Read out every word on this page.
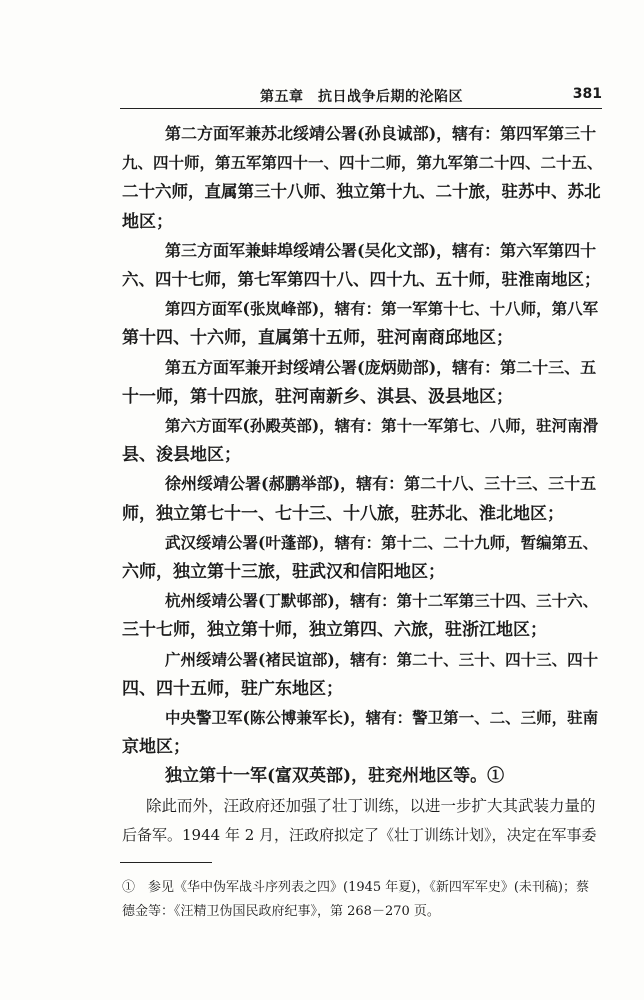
第五章　抗日战争后期的沦陷区	381
第二方面军兼苏北绥靖公署(孙良诚部)，辖有：第四军第三十
九、四十师，第五军第四十一、四十二师，第九军第二十四、二十五、
二十六师，直属第三十八师、独立第十九、二十旅，驻苏中、苏北
地区；
第三方面军兼蚌埠绥靖公署(吴化文部)，辖有：第六军第四十
六、四十七师，第七军第四十八、四十九、五十师，驻淮南地区；
第四方面军(张岚峰部)，辖有：第一军第十七、十八师，第八军
第十四、十六师，直属第十五师，驻河南商邱地区；
第五方面军兼开封绥靖公署(庞炳勋部)，辖有：第二十三、五
十一师，第十四旅，驻河南新乡、淇县、汲县地区；
第六方面军(孙殿英部)，辖有：第十一军第七、八师，驻河南滑
县、浚县地区；
徐州绥靖公署(郝鹏举部)，辖有：第二十八、三十三、三十五
师，独立第七十一、七十三、十八旅，驻苏北、淮北地区；
武汉绥靖公署(叶蓬部)，辖有：第十二、二十九师，暂编第五、
六师，独立第十三旅，驻武汉和信阳地区；
杭州绥靖公署(丁默邨部)，辖有：第十二军第三十四、三十六、
三十七师，独立第十师，独立第四、六旅，驻浙江地区；
广州绥靖公署(褚民谊部)，辖有：第二十、三十、四十三、四十
四、四十五师，驻广东地区；
中央警卫军(陈公博兼军长)，辖有：警卫第一、二、三师，驻南
京地区；
独立第十一军(富双英部)，驻兖州地区等。①
除此而外，汪政府还加强了壮丁训练，以进一步扩大其武装力量的
后备军。1944 年 2 月，汪政府拟定了《壮丁训练计划》，决定在军事委
①　参见《华中伪军战斗序列表之四》(1945 年夏)，《新四军军史》(未刊稿)；蔡
德金等：《汪精卫伪国民政府纪事》，第 268－270 页。
